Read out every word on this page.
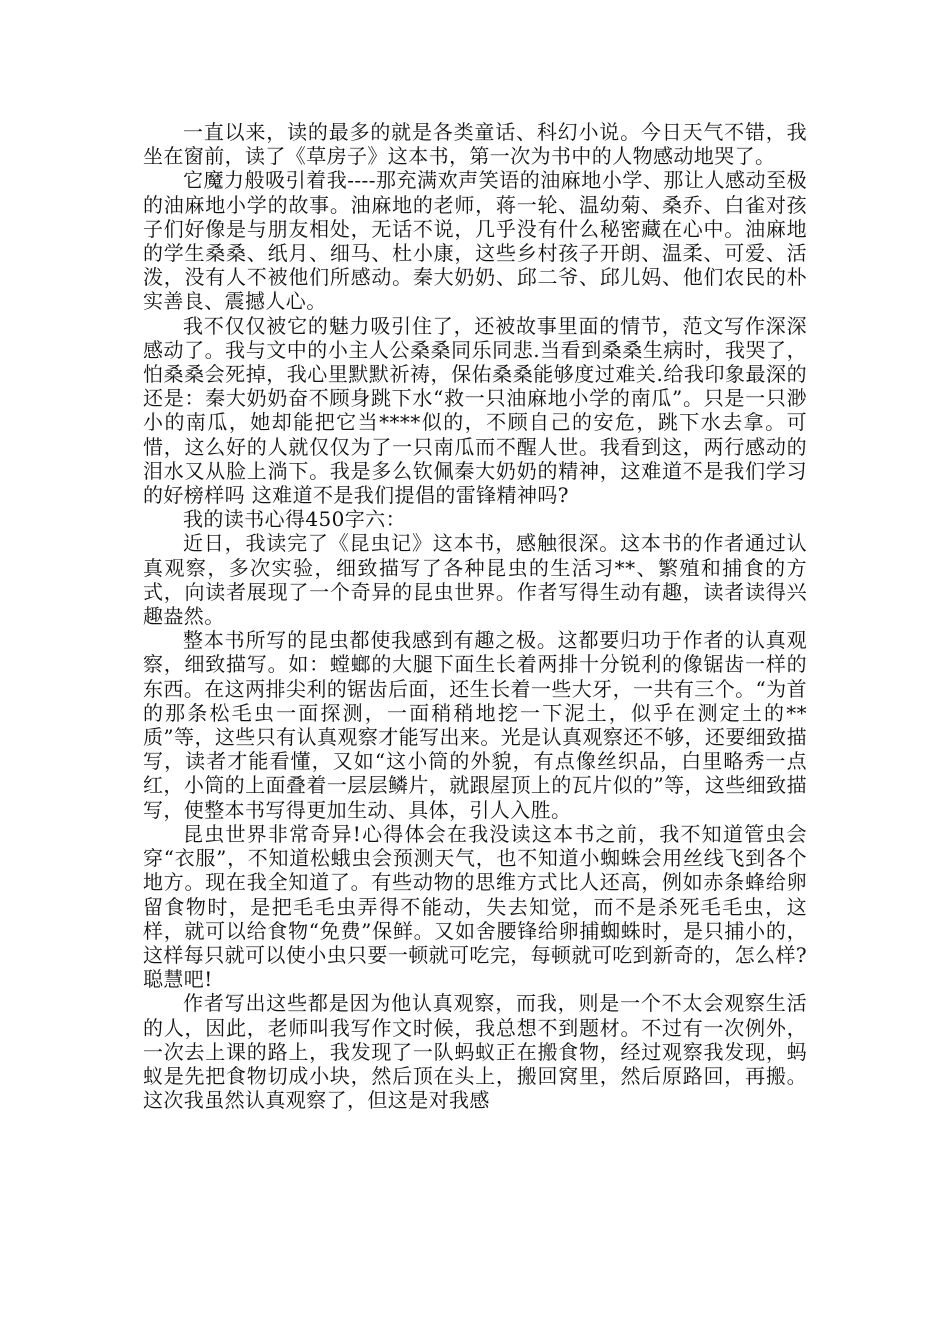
一直以来，读的最多的就是各类童话、科幻小说。今日天气不错，我坐在窗前，读了《草房子》这本书，第一次为书中的人物感动地哭了。

它魔力般吸引着我----那充满欢声笑语的油麻地小学、那让人感动至极的油麻地小学的故事。油麻地的老师，蒋一轮、温幼菊、桑乔、白雀对孩子们好像是与朋友相处，无话不说，几乎没有什么秘密藏在心中。油麻地的学生桑桑、纸月、细马、杜小康，这些乡村孩子开朗、温柔、可爱、活泼，没有人不被他们所感动。秦大奶奶、邱二爷、邱儿妈、他们农民的朴实善良、震撼人心。

我不仅仅被它的魅力吸引住了，还被故事里面的情节，范文写作深深感动了。我与文中的小主人公桑桑同乐同悲.当看到桑桑生病时，我哭了，怕桑桑会死掉，我心里默默祈祷，保佑桑桑能够度过难关.给我印象最深的还是：秦大奶奶奋不顾身跳下水“救一只油麻地小学的南瓜”。只是一只渺小的南瓜，她却能把它当****似的，不顾自己的安危，跳下水去拿。可惜，这么好的人就仅仅为了一只南瓜而不醒人世。我看到这，两行感动的泪水又从脸上淌下。我是多么钦佩秦大奶奶的精神，这难道不是我们学习的好榜样吗 这难道不是我们提倡的雷锋精神吗?

我的读书心得450字六：

近日，我读完了《昆虫记》这本书，感触很深。这本书的作者通过认真观察，多次实验，细致描写了各种昆虫的生活习**、繁殖和捕食的方式，向读者展现了一个奇异的昆虫世界。作者写得生动有趣，读者读得兴趣盎然。

整本书所写的昆虫都使我感到有趣之极。这都要归功于作者的认真观察，细致描写。如：螳螂的大腿下面生长着两排十分锐利的像锯齿一样的东西。在这两排尖利的锯齿后面，还生长着一些大牙，一共有三个。“为首的那条松毛虫一面探测，一面稍稍地挖一下泥土，似乎在测定土的**质”等，这些只有认真观察才能写出来。光是认真观察还不够，还要细致描写，读者才能看懂，又如“这小筒的外貌，有点像丝织品，白里略秀一点红，小筒的上面叠着一层层鳞片，就跟屋顶上的瓦片似的”等，这些细致描写，使整本书写得更加生动、具体，引人入胜。

昆虫世界非常奇异!心得体会在我没读这本书之前，我不知道管虫会穿“衣服”，不知道松蛾虫会预测天气，也不知道小蜘蛛会用丝线飞到各个地方。现在我全知道了。有些动物的思维方式比人还高，例如赤条蜂给卵留食物时，是把毛毛虫弄得不能动，失去知觉，而不是杀死毛毛虫，这样，就可以给食物“免费”保鲜。又如舍腰锋给卵捕蜘蛛时，是只捕小的，这样每只就可以使小虫只要一顿就可吃完，每顿就可吃到新奇的，怎么样?聪慧吧!

作者写出这些都是因为他认真观察，而我，则是一个不太会观察生活的人，因此，老师叫我写作文时候，我总想不到题材。不过有一次例外，一次去上课的路上，我发现了一队蚂蚁正在搬食物，经过观察我发现，蚂蚁是先把食物切成小块，然后顶在头上，搬回窝里，然后原路回，再搬。这次我虽然认真观察了，但这是对我感
